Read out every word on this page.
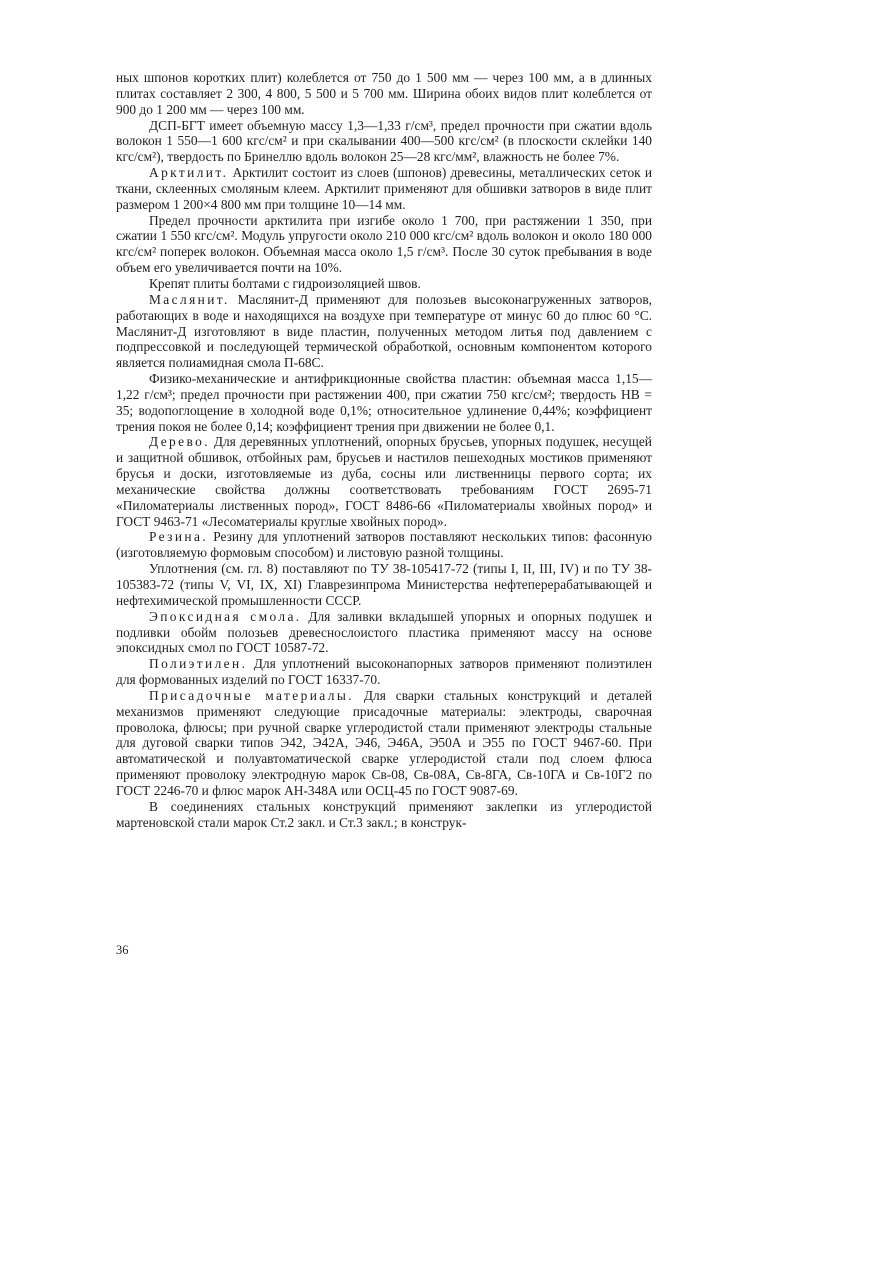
ных шпонов коротких плит) колеблется от 750 до 1 500 мм — через 100 мм, а в длинных плитах составляет 2 300, 4 800, 5 500 и 5 700 мм. Ширина обоих видов плит колеблется от 900 до 1 200 мм — через 100 мм.

ДСП-БГТ имеет объемную массу 1,3—1,33 г/см³, предел прочности при сжатии вдоль волокон 1 550—1 600 кгс/см² и при скалывании 400—500 кгс/см² (в плоскости склейки 140 кгс/см²), твердость по Бринеллю вдоль волокон 25—28 кгс/мм², влажность не более 7%.

Арктилит. Арктилит состоит из слоев (шпонов) древесины, металлических сеток и ткани, склеенных смоляным клеем. Арктилит применяют для обшивки затворов в виде плит размером 1 200×4 800 мм при толщине 10—14 мм.

Предел прочности арктилита при изгибе около 1 700, при растяжении 1 350, при сжатии 1 550 кгс/см². Модуль упругости около 210 000 кгс/см² вдоль волокон и около 180 000 кгс/см² поперек волокон. Объемная масса около 1,5 г/см³. После 30 суток пребывания в воде объем его увеличивается почти на 10%.

Крепят плиты болтами с гидроизоляцией швов.

Маслянит. Маслянит-Д применяют для полозьев высоконагруженных затворов, работающих в воде и находящихся на воздухе при температуре от минус 60 до плюс 60 °С. Маслянит-Д изготовляют в виде пластин, полученных методом литья под давлением с подпрессовкой и последующей термической обработкой, основным компонентом которого является полиамидная смола П-68С.

Физико-механические и антифрикционные свойства пластин: объемная масса 1,15—1,22 г/см³; предел прочности при растяжении 400, при сжатии 750 кгс/см²; твердость НВ = 35; водопоглощение в холодной воде 0,1%; относительное удлинение 0,44%; коэффициент трения покоя не более 0,14; коэффициент трения при движении не более 0,1.

Дерево. Для деревянных уплотнений, опорных брусьев, упорных подушек, несущей и защитной обшивок, отбойных рам, брусьев и настилов пешеходных мостиков применяют брусья и доски, изготовляемые из дуба, сосны или лиственницы первого сорта; их механические свойства должны соответствовать требованиям ГОСТ 2695-71 «Пиломатериалы лиственных пород», ГОСТ 8486-66 «Пиломатериалы хвойных пород» и ГОСТ 9463-71 «Лесоматериалы круглые хвойных пород».

Резина. Резину для уплотнений затворов поставляют нескольких типов: фасонную (изготовляемую формовым способом) и листовую разной толщины.

Уплотнения (см. гл. 8) поставляют по ТУ 38-105417-72 (типы I, II, III, IV) и по ТУ 38-105383-72 (типы V, VI, IX, XI) Главрезинпрома Министерства нефтеперерабатывающей и нефтехимической промышленности СССР.

Эпоксидная смола. Для заливки вкладышей упорных и опорных подушек и подливки обойм полозьев древеснослоистого пластика применяют массу на основе эпоксидных смол по ГОСТ 10587-72.

Полиэтилен. Для уплотнений высоконапорных затворов применяют полиэтилен для формованных изделий по ГОСТ 16337-70.

Присадочные материалы. Для сварки стальных конструкций и деталей механизмов применяют следующие присадочные материалы: электроды, сварочная проволока, флюсы; при ручной сварке углеродистой стали применяют электроды стальные для дуговой сварки типов Э42, Э42А, Э46, Э46А, Э50А и Э55 по ГОСТ 9467-60. При автоматической и полуавтоматической сварке углеродистой стали под слоем флюса применяют проволоку электродную марок Св-08, Св-08А, Св-8ГА, Св-10ГА и Св-10Г2 по ГОСТ 2246-70 и флюс марок АН-348А или ОСЦ-45 по ГОСТ 9087-69.

В соединениях стальных конструкций применяют заклепки из углеродистой мартеновской стали марок Ст.2 закл. и Ст.3 закл.; в конструк-

36
